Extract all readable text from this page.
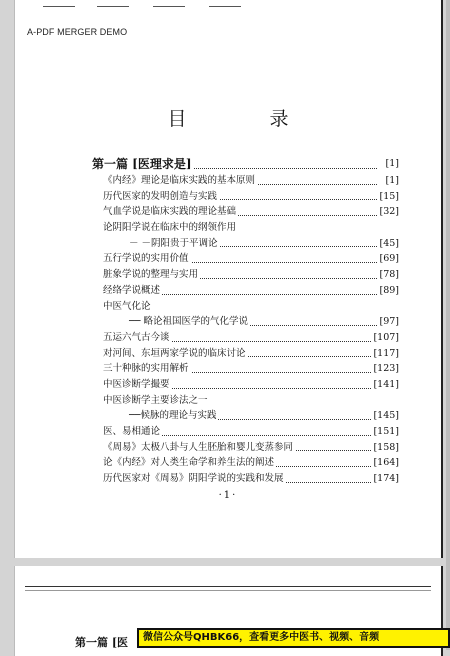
A-PDF MERGER DEMO
目　录
第一篇 [医理求是]	[1]
《内经》理论是临床实践的基本原则	[1]
历代医家的发明创造与实践	[15]
气血学说是临床实践的理论基础	[32]
论阴阳学说在临床中的纲领作用
－ －阴阳贵于平调论	[45]
五行学说的实用价值	[69]
脏象学说的整理与实用	[78]
经络学说概述	[89]
中医气化论
── 略论祖国医学的气化学说	[97]
五运六气古今谈	[107]
对河间、东垣两家学说的临床讨论	[117]
三十种脉的实用解析	[123]
中医诊断学撮要	[141]
中医诊断学主要诊法之一
──候脉的理论与实践	[145]
医、易相通论	[151]
《周易》太极八卦与人生胚胎和婴儿变蒸参同	[158]
论《内经》对人类生命学和养生法的阐述	[164]
历代医家对《周易》阴阳学说的实践和发展	[174]
·1·
第一篇 [医	微信公众号QHBK66，查看更多中医书、视频、音频
